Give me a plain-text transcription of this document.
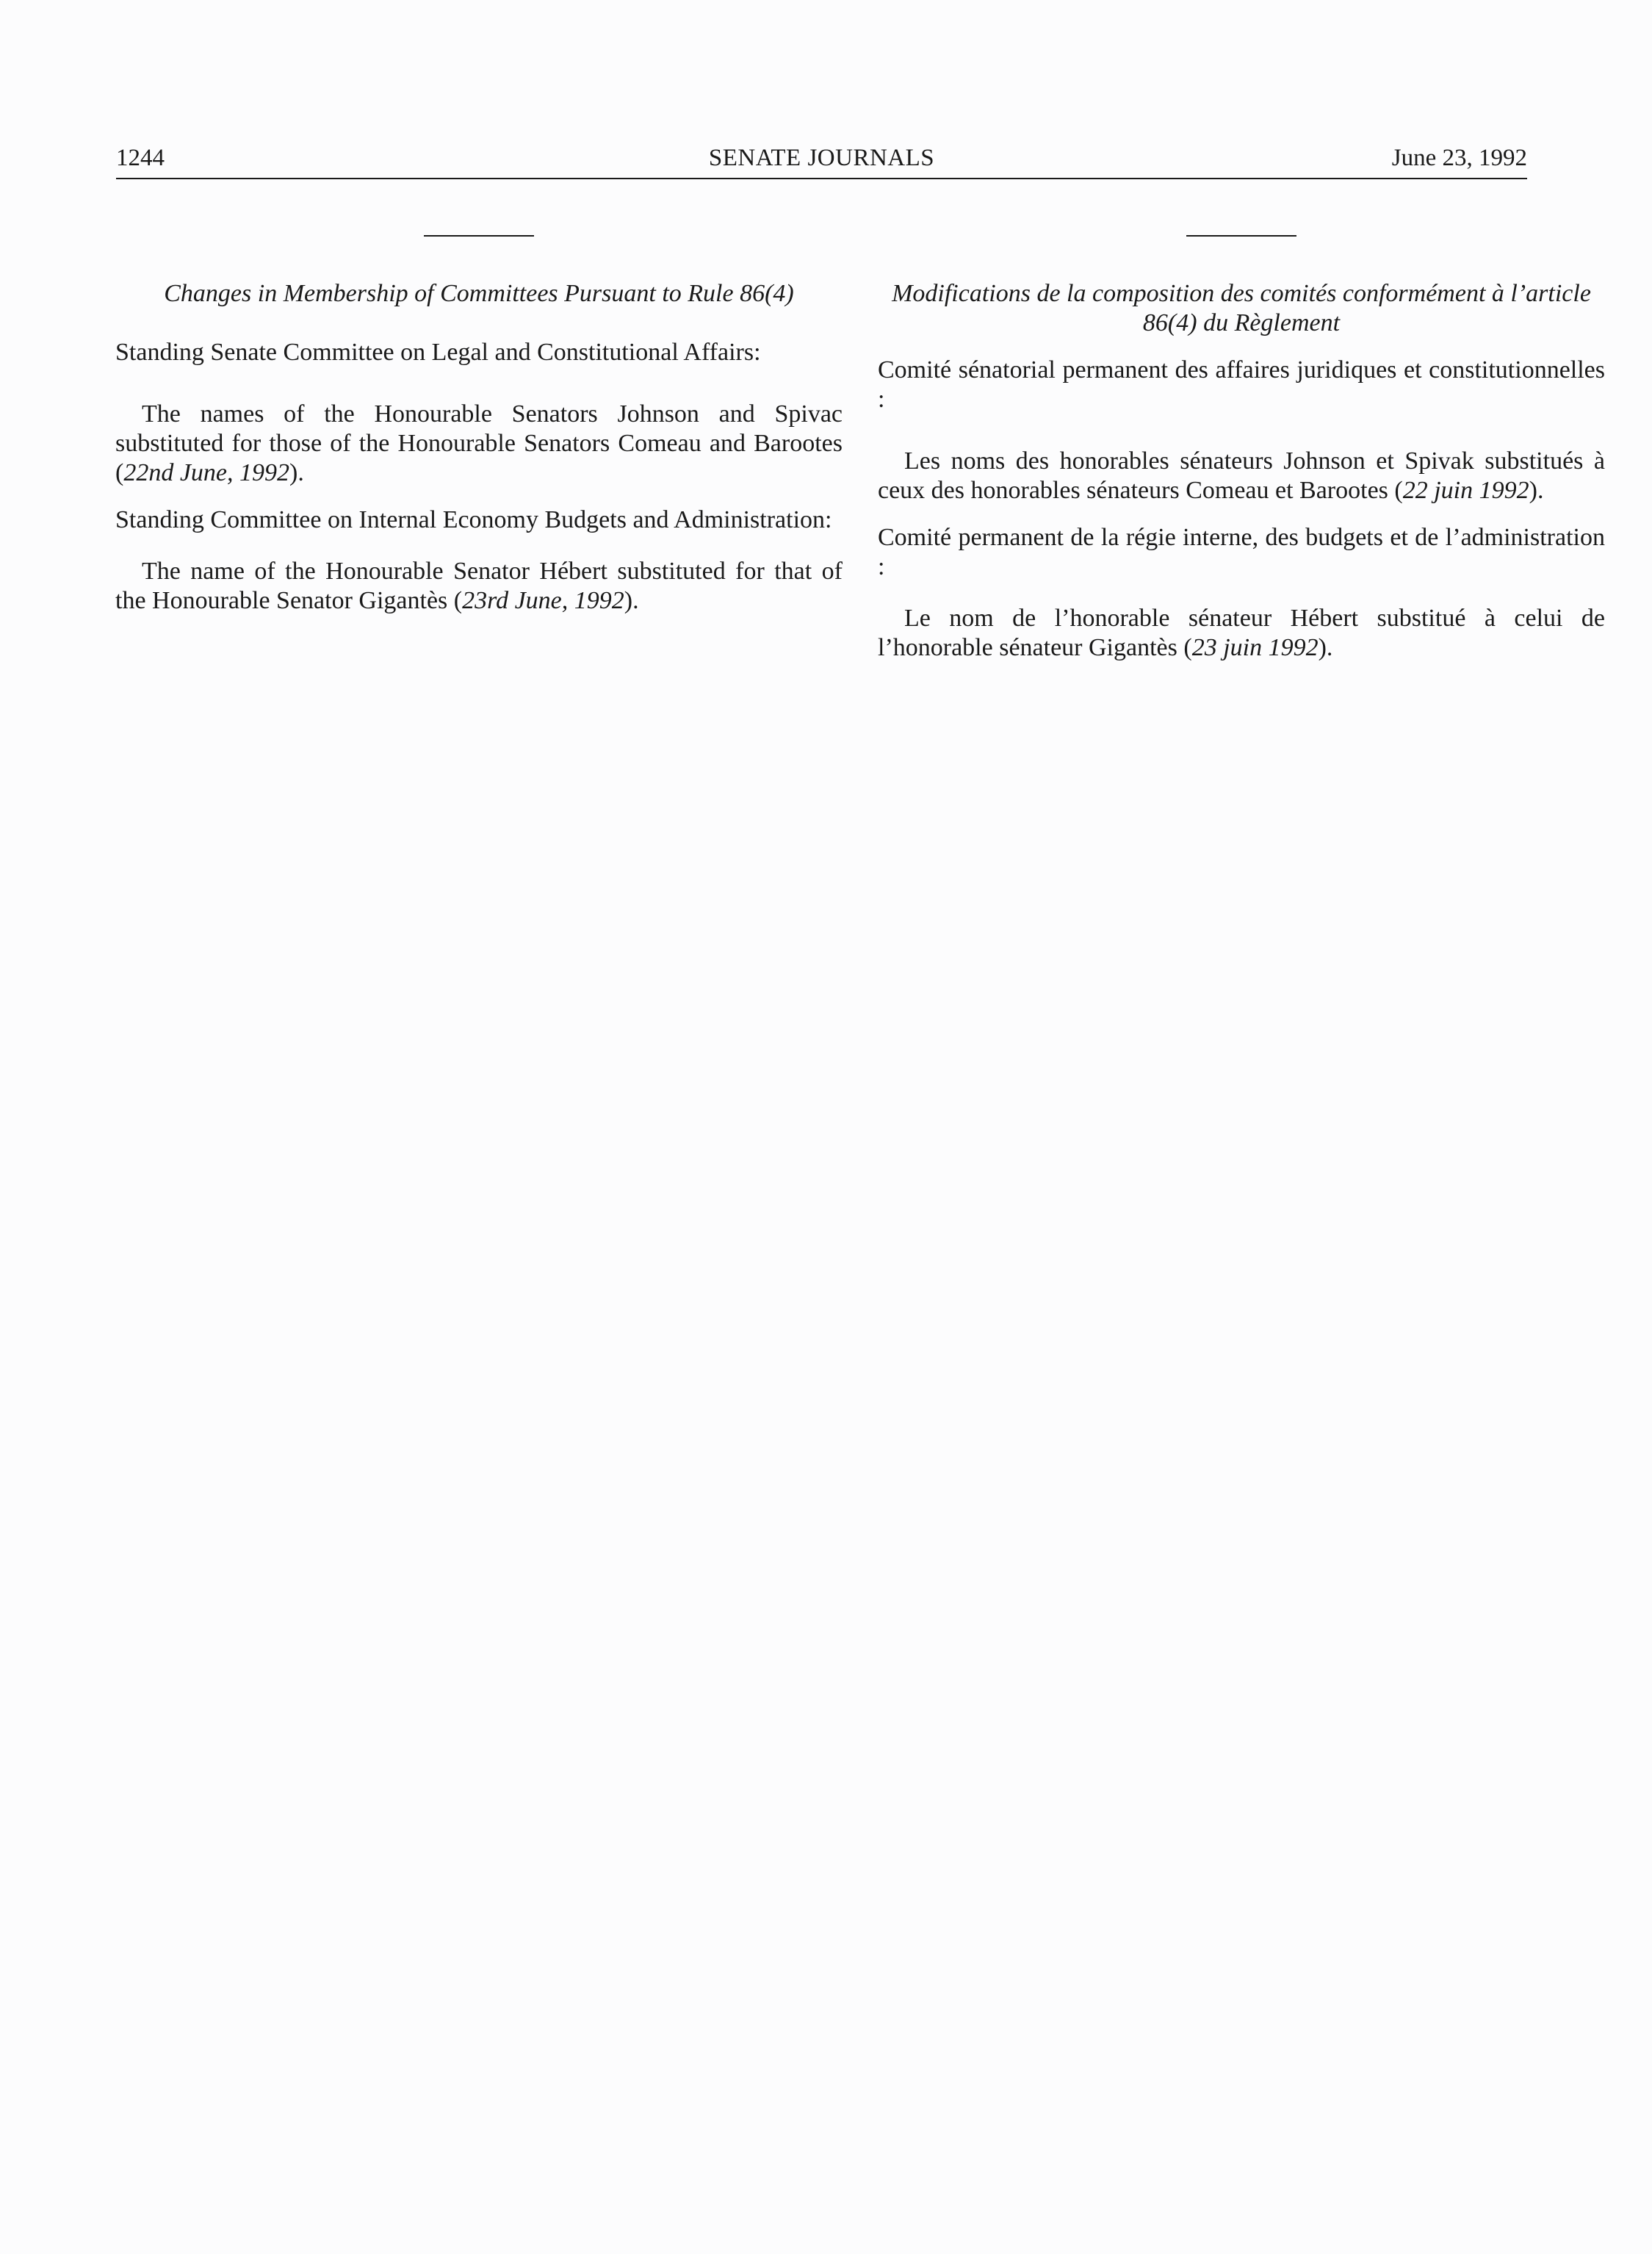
1244	SENATE JOURNALS	June 23, 1992
Changes in Membership of Committees Pursuant to Rule 86(4)

Standing Senate Committee on Legal and Constitutional Affairs:

The names of the Honourable Senators Johnson and Spivac substituted for those of the Honourable Senators Comeau and Barootes (22nd June, 1992).

Standing Committee on Internal Economy Budgets and Administration:

The name of the Honourable Senator Hébert substituted for that of the Honourable Senator Gigantès (23rd June, 1992).

Modifications de la composition des comités conformément à l’article 86(4) du Règlement

Comité sénatorial permanent des affaires juridiques et constitutionnelles :

Les noms des honorables sénateurs Johnson et Spivak substitués à ceux des honorables sénateurs Comeau et Barootes (22 juin 1992).

Comité permanent de la régie interne, des budgets et de l’administration :

Le nom de l’honorable sénateur Hébert substitué à celui de l’honorable sénateur Gigantès (23 juin 1992).
